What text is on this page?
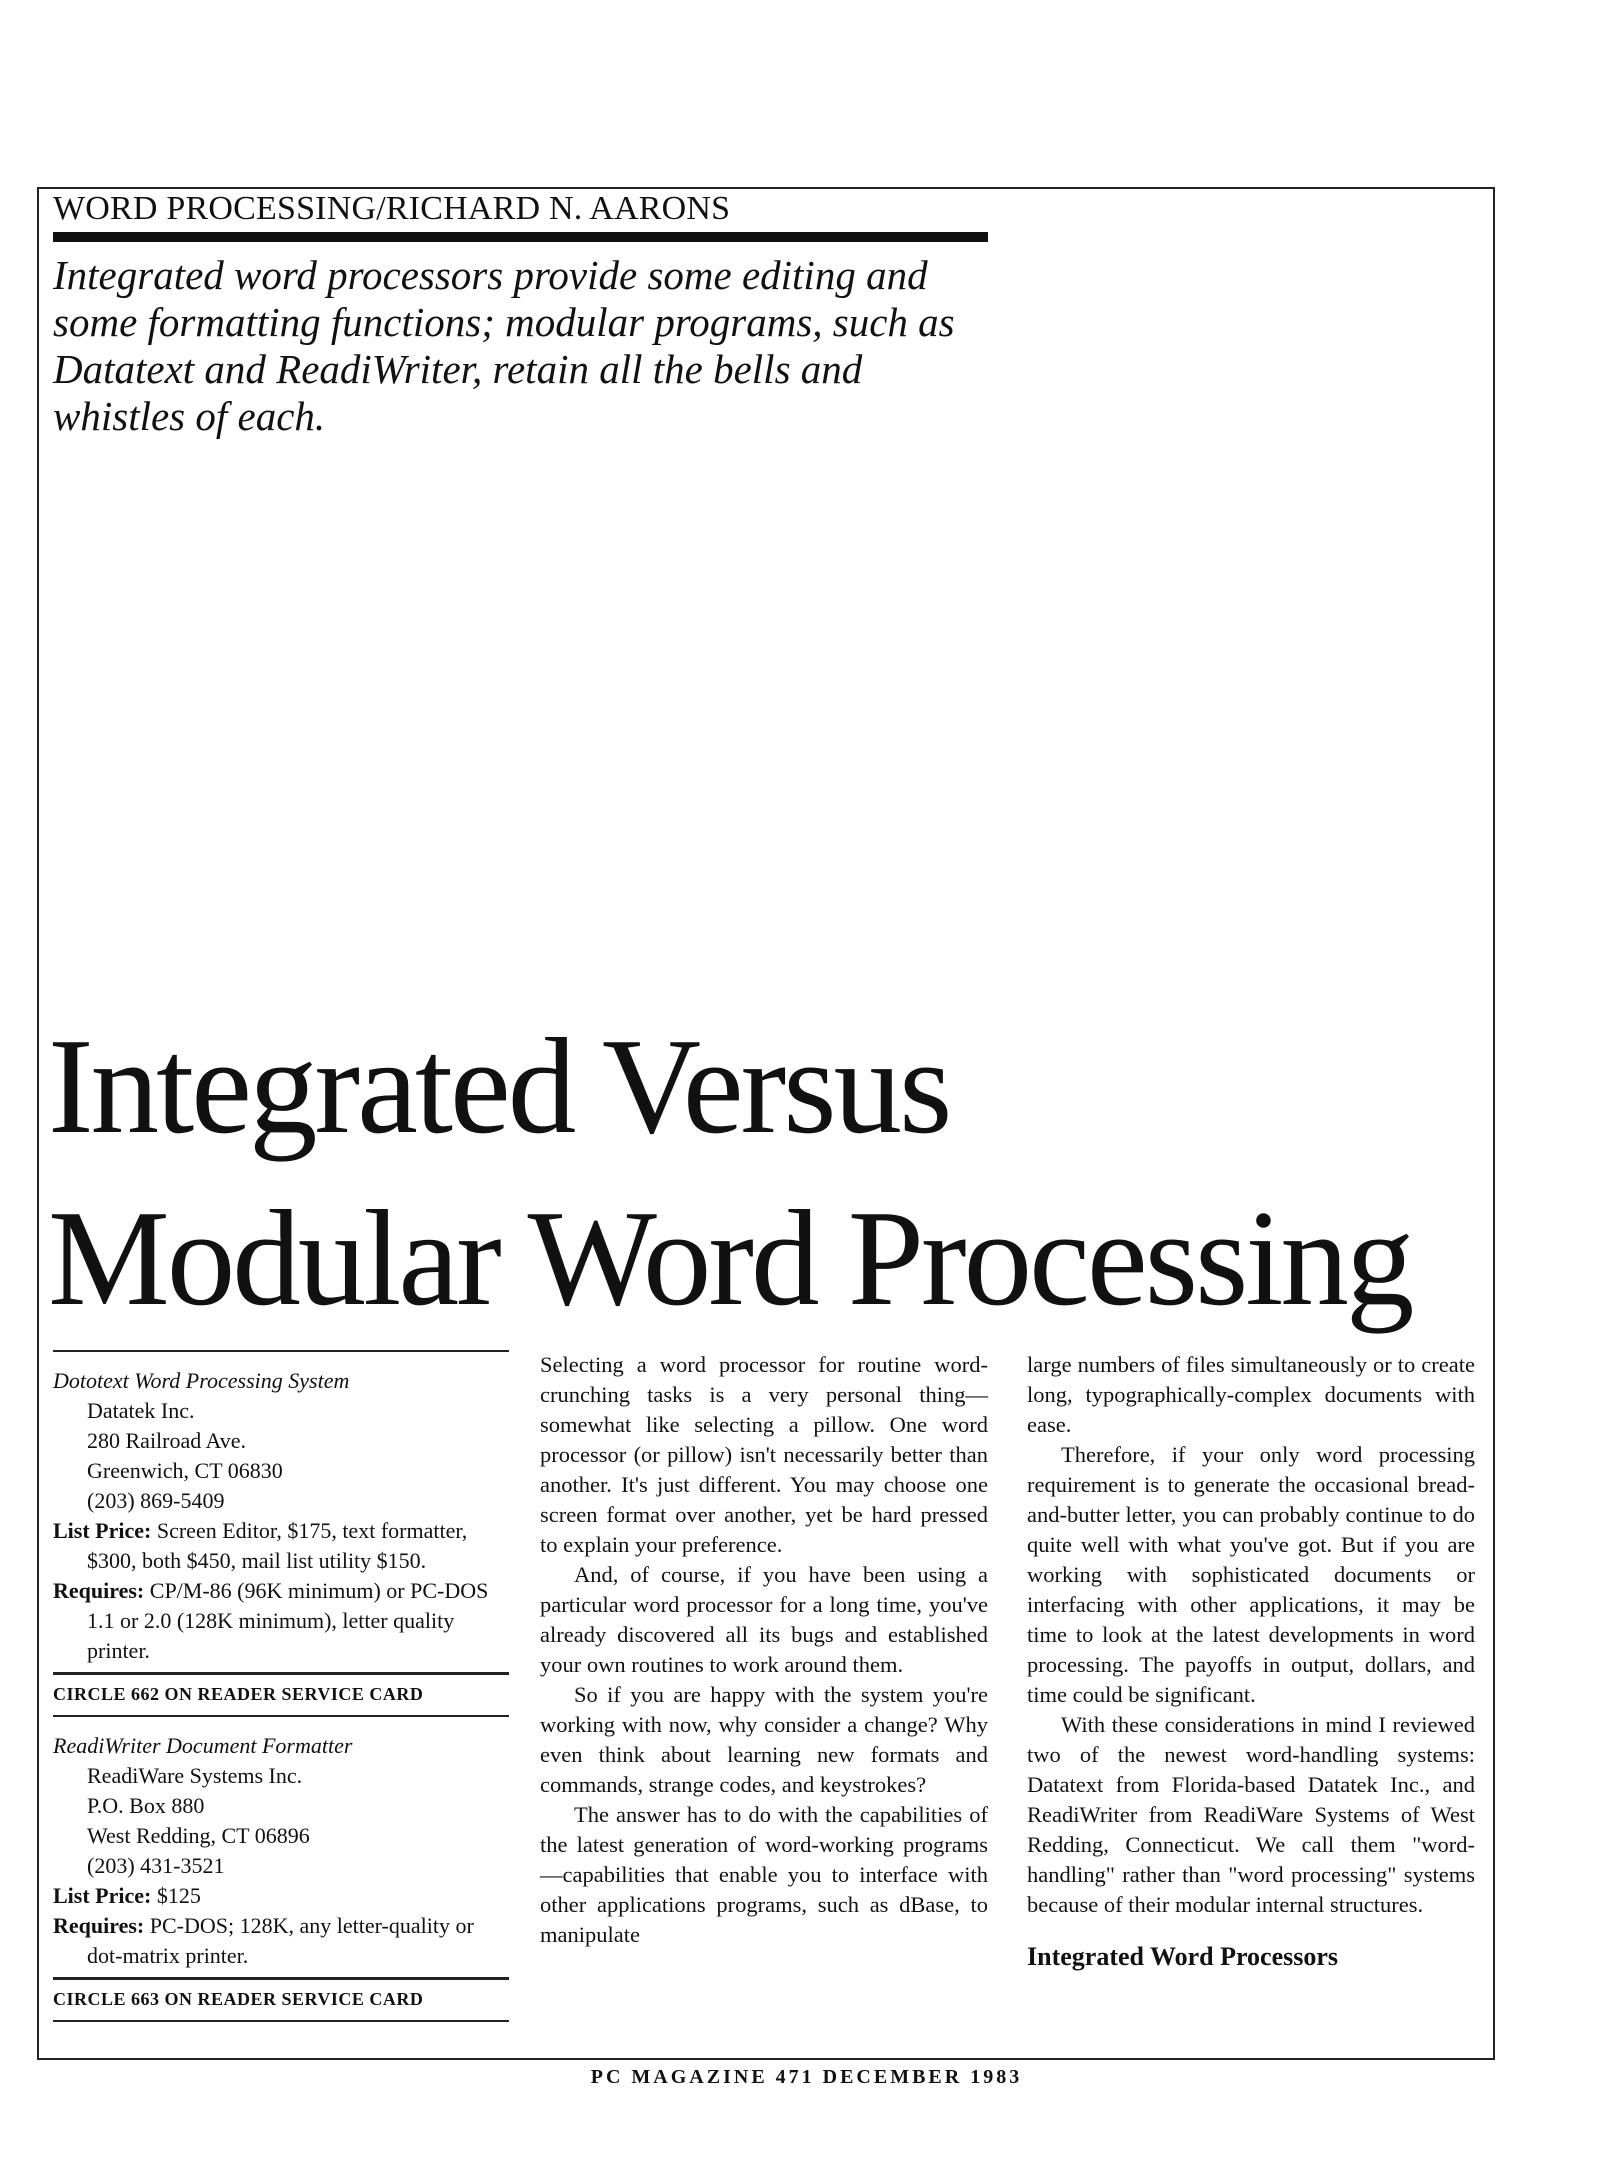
WORD PROCESSING/RICHARD N. AARONS
Integrated word processors provide some editing and some formatting functions; modular programs, such as Datatext and ReadiWriter, retain all the bells and whistles of each.
Integrated Versus
Modular Word Processing
Dototext Word Processing System
Datatek Inc.
280 Railroad Ave.
Greenwich, CT 06830
(203) 869-5409
List Price: Screen Editor, $175, text formatter, $300, both $450, mail list utility $150.
Requires: CP/M-86 (96K minimum) or PC-DOS 1.1 or 2.0 (128K minimum), letter quality printer.
CIRCLE 662 ON READER SERVICE CARD
ReadiWriter Document Formatter
ReadiWare Systems Inc.
P.O. Box 880
West Redding, CT 06896
(203) 431-3521
List Price: $125
Requires: PC-DOS; 128K, any letter-quality or dot-matrix printer.
CIRCLE 663 ON READER SERVICE CARD

Selecting a word processor for routine word-crunching tasks is a very personal thing—somewhat like selecting a pillow. One word processor (or pillow) isn't necessarily better than another. It's just different. You may choose one screen format over another, yet be hard pressed to explain your preference.

And, of course, if you have been using a particular word processor for a long time, you've already discovered all its bugs and established your own routines to work around them.

So if you are happy with the system you're working with now, why consider a change? Why even think about learning new formats and commands, strange codes, and keystrokes?

The answer has to do with the capabilities of the latest generation of word-working programs—capabilities that enable you to interface with other applications programs, such as dBase, to manipulate

large numbers of files simultaneously or to create long, typographically-complex documents with ease.

Therefore, if your only word processing requirement is to generate the occasional bread-and-butter letter, you can probably continue to do quite well with what you've got. But if you are working with sophisticated documents or interfacing with other applications, it may be time to look at the latest developments in word processing. The payoffs in output, dollars, and time could be significant.

With these considerations in mind I reviewed two of the newest word-handling systems: Datatext from Florida-based Datatek Inc., and ReadiWriter from ReadiWare Systems of West Redding, Connecticut. We call them "word-handling" rather than "word processing" systems because of their modular internal structures.

Integrated Word Processors

PC MAGAZINE 471 DECEMBER 1983
